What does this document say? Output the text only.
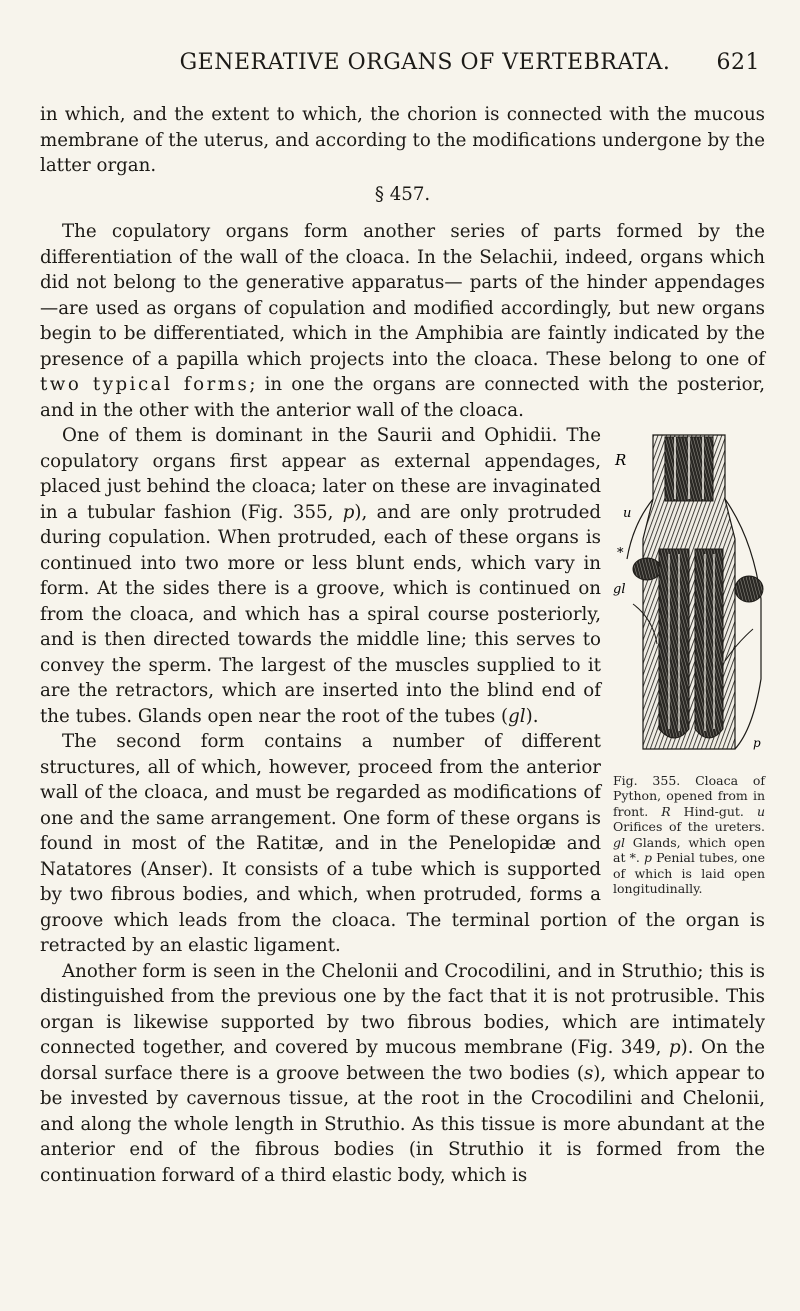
GENERATIVE ORGANS OF VERTEBRATA.	621

in which, and the extent to which, the chorion is connected with the mucous membrane of the uterus, and according to the modifications undergone by the latter organ.

§ 457.

The copulatory organs form another series of parts formed by the differentiation of the wall of the cloaca. In the Selachii, indeed, organs which did not belong to the generative apparatus— parts of the hinder appendages—are used as organs of copulation and modified accordingly, but new organs begin to be differentiated, which in the Amphibia are faintly indicated by the presence of a papilla which projects into the cloaca. These belong to one of two typical forms; in one the organs are connected with the posterior, and in the other with the anterior wall of the cloaca.

R
u
*
gl
p
Fig. 355. Cloaca of Python, opened from in front. R Hind-gut. u Orifices of the ureters. gl Glands, which open at *. p Penial tubes, one of which is laid open longitudinally.

One of them is dominant in the Saurii and Ophidii. The copulatory organs first appear as external appendages, placed just behind the cloaca; later on these are invaginated in a tubular fashion (Fig. 355, p), and are only protruded during copulation. When protruded, each of these organs is continued into two more or less blunt ends, which vary in form. At the sides there is a groove, which is continued on from the cloaca, and which has a spiral course posteriorly, and is then directed towards the middle line; this serves to convey the sperm. The largest of the muscles supplied to it are the retractors, which are inserted into the blind end of the tubes. Glands open near the root of the tubes (gl).

The second form contains a number of different structures, all of which, however, proceed from the anterior wall of the cloaca, and must be regarded as modifications of one and the same arrangement. One form of these organs is found in most of the Ratitæ, and in the Penelopidæ and Natatores (Anser). It consists of a tube which is supported by two fibrous bodies, and which, when protruded, forms a groove which leads from the cloaca. The terminal portion of the organ is retracted by an elastic ligament.

Another form is seen in the Chelonii and Crocodilini, and in Struthio; this is distinguished from the previous one by the fact that it is not protrusible. This organ is likewise supported by two fibrous bodies, which are intimately connected together, and covered by mucous membrane (Fig. 349, p). On the dorsal surface there is a groove between the two bodies (s), which appear to be invested by cavernous tissue, at the root in the Crocodilini and Chelonii, and along the whole length in Struthio. As this tissue is more abundant at the anterior end of the fibrous bodies (in Struthio it is formed from the continuation forward of a third elastic body, which is
